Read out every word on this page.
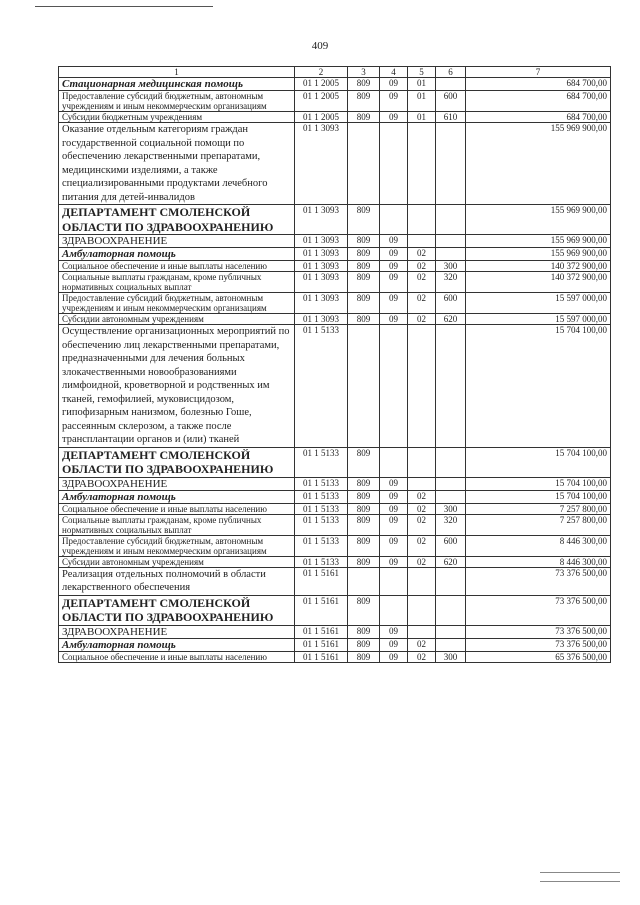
409
1	2	3	4	5	6	7
Стационарная медицинская помощь	01 1 2005	809	09	01		684 700,00
Предоставление субсидий бюджетным, автономным учреждениям и иным некоммерческим организациям	01 1 2005	809	09	01	600	684 700,00
Субсидии бюджетным учреждениям	01 1 2005	809	09	01	610	684 700,00
Оказание отдельным категориям граждан государственной социальной помощи по обеспечению лекарственными препаратами, медицинскими изделиями, а также специализированными продуктами лечебного питания для детей-инвалидов	01 1 3093					155 969 900,00
ДЕПАРТАМЕНТ СМОЛЕНСКОЙ ОБЛАСТИ ПО ЗДРАВООХРАНЕНИЮ	01 1 3093	809				155 969 900,00
ЗДРАВООХРАНЕНИЕ	01 1 3093	809	09			155 969 900,00
Амбулаторная помощь	01 1 3093	809	09	02		155 969 900,00
Социальное обеспечение и иные выплаты населению	01 1 3093	809	09	02	300	140 372 900,00
Социальные выплаты гражданам, кроме публичных нормативных социальных выплат	01 1 3093	809	09	02	320	140 372 900,00
Предоставление субсидий бюджетным, автономным учреждениям и иным некоммерческим организациям	01 1 3093	809	09	02	600	15 597 000,00
Субсидии автономным учреждениям	01 1 3093	809	09	02	620	15 597 000,00
Осуществление организационных мероприятий по обеспечению лиц лекарственными препаратами, предназначенными для лечения больных злокачественными новообразованиями лимфоидной, кроветворной и родственных им тканей, гемофилией, муковисцидозом, гипофизарным нанизмом, болезнью Гоше, рассеянным склерозом, а также после трансплантации органов и (или) тканей	01 1 5133					15 704 100,00
ДЕПАРТАМЕНТ СМОЛЕНСКОЙ ОБЛАСТИ ПО ЗДРАВООХРАНЕНИЮ	01 1 5133	809				15 704 100,00
ЗДРАВООХРАНЕНИЕ	01 1 5133	809	09			15 704 100,00
Амбулаторная помощь	01 1 5133	809	09	02		15 704 100,00
Социальное обеспечение и иные выплаты населению	01 1 5133	809	09	02	300	7 257 800,00
Социальные выплаты гражданам, кроме публичных нормативных социальных выплат	01 1 5133	809	09	02	320	7 257 800,00
Предоставление субсидий бюджетным, автономным учреждениям и иным некоммерческим организациям	01 1 5133	809	09	02	600	8 446 300,00
Субсидии автономным учреждениям	01 1 5133	809	09	02	620	8 446 300,00
Реализация отдельных полномочий в области лекарственного обеспечения	01 1 5161					73 376 500,00
ДЕПАРТАМЕНТ СМОЛЕНСКОЙ ОБЛАСТИ ПО ЗДРАВООХРАНЕНИЮ	01 1 5161	809				73 376 500,00
ЗДРАВООХРАНЕНИЕ	01 1 5161	809	09			73 376 500,00
Амбулаторная помощь	01 1 5161	809	09	02		73 376 500,00
Социальное обеспечение и иные выплаты населению	01 1 5161	809	09	02	300	65 376 500,00
